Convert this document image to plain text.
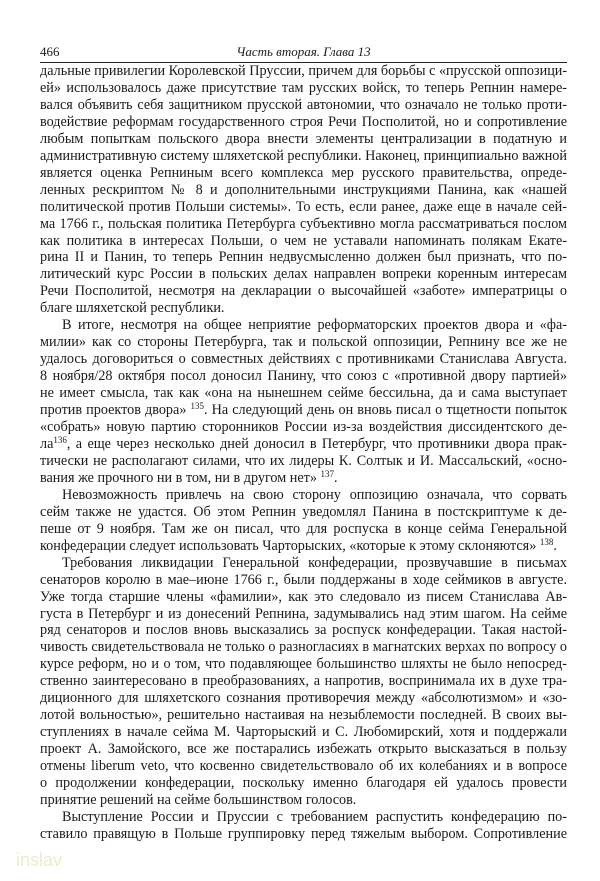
466	Часть вторая. Глава 13
дальные привилегии Королевской Пруссии, причем для борьбы с «прусской оппозици-
ей» использовалось даже присутствие там русских войск, то теперь Репнин намере-
вался объявить себя защитником прусской автономии, что означало не только проти-
водействие реформам государственного строя Речи Посполитой, но и сопротивление
любым попыткам польского двора внести элементы централизации в податную и
административную систему шляхетской республики. Наконец, принципиально важной
является оценка Репниным всего комплекса мер русского правительства, опреде-
ленных рескриптом № 8 и дополнительными инструкциями Панина, как «нашей
политической против Польши системы». То есть, если ранее, даже еще в начале сей-
ма 1766 г., польская политика Петербурга субъективно могла рассматриваться послом
как политика в интересах Польши, о чем не уставали напоминать полякам Екате-
рина II и Панин, то теперь Репнин недвусмысленно должен был признать, что по-
литический курс России в польских делах направлен вопреки коренным интересам
Речи Посполитой, несмотря на декларации о высочайшей «заботе» императрицы о
благе шляхетской республики.
В итоге, несмотря на общее неприятие реформаторских проектов двора и «фа-
милии» как со стороны Петербурга, так и польской оппозиции, Репнину все же не
удалось договориться о совместных действиях с противниками Станислава Августа.
8 ноября/28 октября посол доносил Панину, что союз с «противной двору партией»
не имеет смысла, так как «она на нынешнем сейме бессильна, да и сама выступает
против проектов двора» $^{135}$. На следующий день он вновь писал о тщетности попыток
«собрать» новую партию сторонников России из-за воздействия диссидентского де-
$ла^{136}$, а еще через несколько дней доносил в Петербург, что противники двора прак-
тически не располагают силами, что их лидеры К. Солтык и И. Массальский, «осно-
вания же прочного ни в том, ни в другом нет» $^{137}$.
Невозможность привлечь на свою сторону оппозицию означала, что сорвать
сейм также не удастся. Об этом Репнин уведомлял Панина в постскриптуме к де-
пеше от 9 ноября. Там же он писал, что для роспуска в конце сейма Генеральной
конфедерации следует использовать Чарторыских, «которые к этому склоняются» $^{138}$.
Требования ликвидации Генеральной конфедерации, прозвучавшие в письмах
сенаторов королю в мае–июне 1766 г., были поддержаны в ходе сеймиков в августе.
Уже тогда старшие члены «фамилии», как это следовало из писем Станислава Ав-
густа в Петербург и из донесений Репнина, задумывались над этим шагом. На сейме
ряд сенаторов и послов вновь высказались за роспуск конфедерации. Такая настой-
чивость свидетельствовала не только о разногласиях в магнатских верхах по вопросу о
курсе реформ, но и о том, что подавляющее большинство шляхты не было непосред-
ственно заинтересовано в преобразованиях, а напротив, воспринимала их в духе тра-
диционного для шляхетского сознания противоречия между «абсолютизмом» и «зо-
лотой вольностью», решительно настаивая на незыблемости последней. В своих вы-
ступлениях в начале сейма М. Чарторыский и С. Любомирский, хотя и поддержали
проект А. Замойского, все же постарались избежать открыто высказаться в пользу
отмены liberum veto, что косвенно свидетельствовало об их колебаниях и в вопросе
о продолжении конфедерации, поскольку именно благодаря ей удалось провести
принятие решений на сейме большинством голосов.
Выступление России и Пруссии с требованием распустить конфедерацию по-
ставило правящую в Польше группировку перед тяжелым выбором. Сопротивление
inslav
